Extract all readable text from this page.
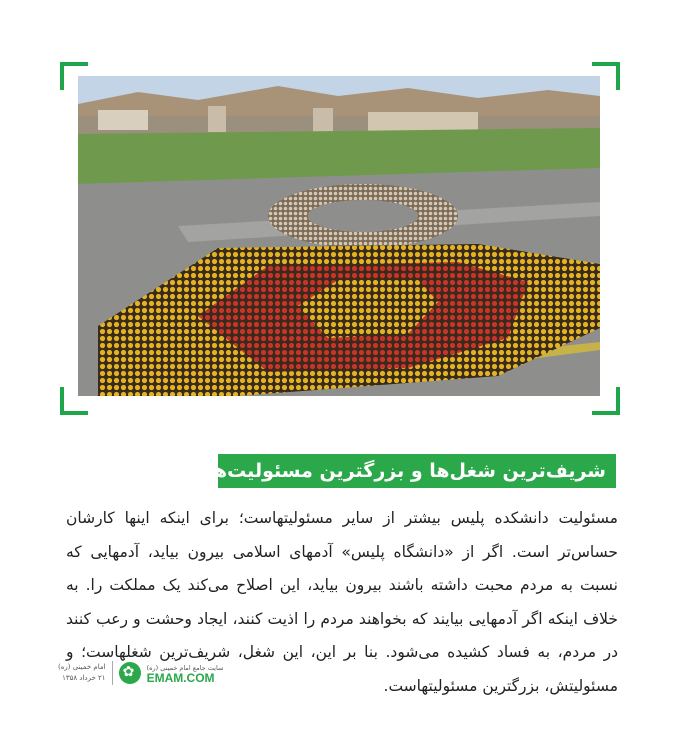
شریف‌ترین شغل‌ها و بزرگترین مسئولیت‌ها

مسئولیت دانشکده پلیس بیشتر از سایر مسئولیتهاست؛ برای اینکه اینها کارشان حساس‌تر است. اگر از «دانشگاه پلیس» آدمهای اسلامی بیرون بیاید، آدمهایی که نسبت به مردم محبت داشته باشند بیرون بیاید، این اصلاح می‌کند یک مملکت را. به خلاف اینکه اگر آدمهایی بیایند که بخواهند مردم را اذیت کنند، ایجاد وحشت و رعب کنند در مردم، به فساد کشیده می‌شود. بنا بر این، این شغل، شریف‌ترین شغلهاست؛ و مسئولیتش، بزرگترین مسئولیتهاست.

امام خمینی (ره)
۲۱ خرداد ۱۳۵۸
✿
سایت جامع امام خمینی (ره)
EMAM.COM
